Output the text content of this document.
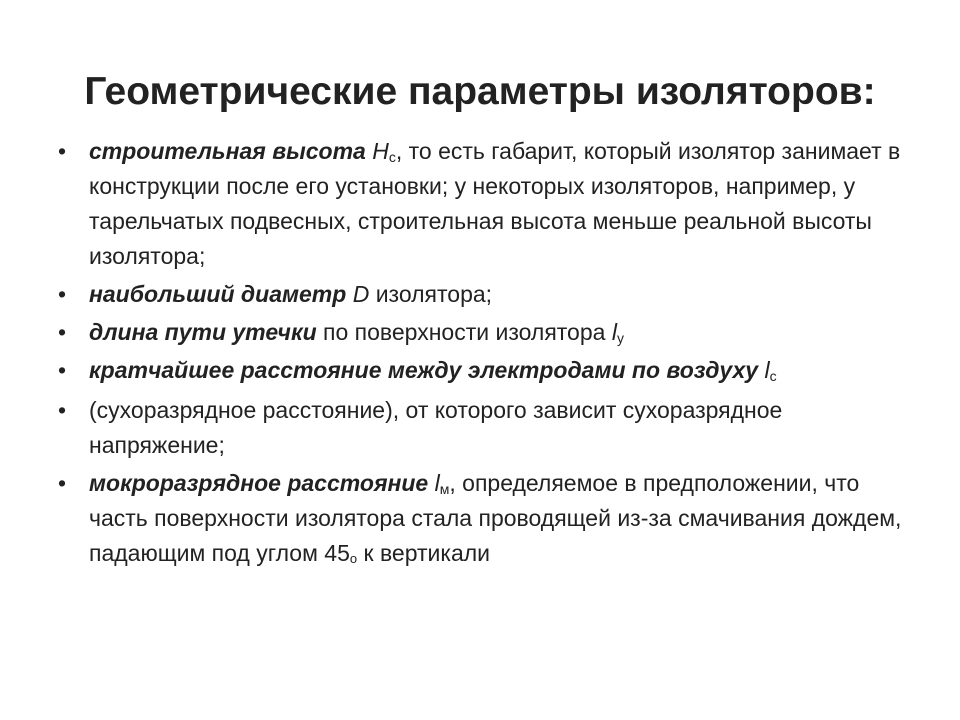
Геометрические параметры изоляторов:
• строительная высота $H_c$, то есть габарит, который изолятор занимает в конструкции после его установки; у некоторых изоляторов, например, у тарельчатых подвесных, строительная высота меньше реальной высоты изолятора;
• наибольший диаметр D изолятора;
• длина пути утечки по поверхности изолятора $l_у$
• кратчайшее расстояние между электродами по воздуху $l_с$
• (сухоразрядное расстояние), от которого зависит сухоразрядное напряжение;
• мокроразрядное расстояние $l_м$, определяемое в предположении, что часть поверхности изолятора стала проводящей из-за смачивания дождем, падающим под углом $45_о$ к вертикали
